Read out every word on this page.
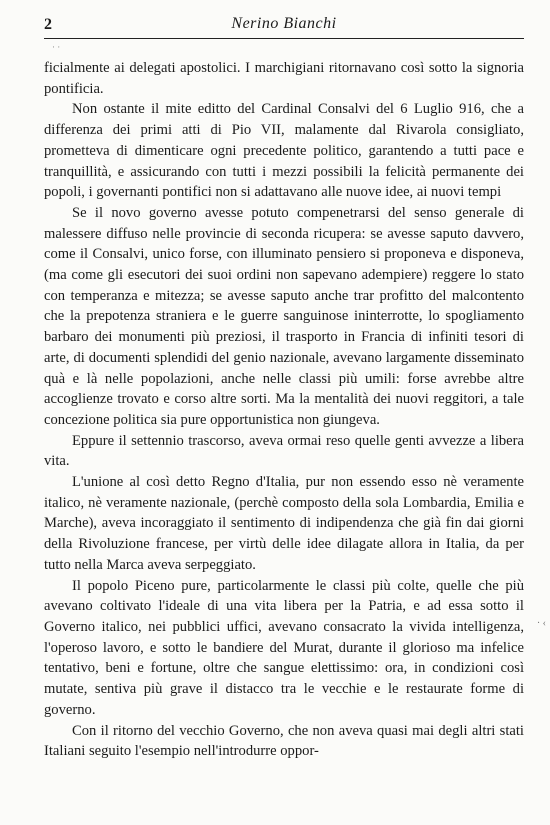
2	Nerino Bianchi
· ·

ficialmente ai delegati apostolici. I marchigiani ritornavano così sotto la signoria pontificia.

Non ostante il mite editto del Cardinal Consalvi del 6 Luglio 916, che a differenza dei primi atti di Pio VII, malamente dal Rivarola consigliato, prometteva di dimenticare ogni precedente politico, garantendo a tutti pace e tranquillità, e assicurando con tutti i mezzi possibili la felicità permanente dei popoli, i governanti pontifici non si adattavano alle nuove idee, ai nuovi tempi

Se il novo governo avesse potuto compenetrarsi del senso generale di malessere diffuso nelle provincie di seconda ricupera: se avesse saputo davvero, come il Consalvi, unico forse, con illuminato pensiero si proponeva e disponeva, (ma come gli esecutori dei suoi ordini non sapevano adempiere) reggere lo stato con temperanza e mitezza; se avesse saputo anche trar profitto del malcontento che la prepotenza straniera e le guerre sanguinose ininterrotte, lo spogliamento barbaro dei monumenti più preziosi, il trasporto in Francia di infiniti tesori di arte, di documenti splendidi del genio nazionale, avevano largamente disseminato quà e là nelle popolazioni, anche nelle classi più umili: forse avrebbe altre accoglienze trovato e corso altre sorti. Ma la mentalità dei nuovi reggitori, a tale concezione politica sia pure opportunistica non giungeva.

Eppure il settennio trascorso, aveva ormai reso quelle genti avvezze a libera vita.

L'unione al così detto Regno d'Italia, pur non essendo esso nè veramente italico, nè veramente nazionale, (perchè composto della sola Lombardia, Emilia e Marche), aveva incoraggiato il sentimento di indipendenza che già fin dai giorni della Rivoluzione francese, per virtù delle idee dilagate allora in Italia, da per tutto nella Marca aveva serpeggiato.

Il popolo Piceno pure, particolarmente le classi più colte, quelle che più avevano coltivato l'ideale di una vita libera per la Patria, e ad essa sotto il Governo italico, nei pubblici uffici, avevano consacrato la vivida intelligenza, l'operoso lavoro, e sotto le bandiere del Murat, durante il glorioso ma infelice tentativo, beni e fortune, oltre che sangue elettissimo: ora, in condizioni così mutate, sentiva più grave il distacco tra le vecchie e le restaurate forme di governo.

Con il ritorno del vecchio Governo, che non aveva quasi mai degli altri stati Italiani seguito l'esempio nell'introdurre oppor-

· ‹
